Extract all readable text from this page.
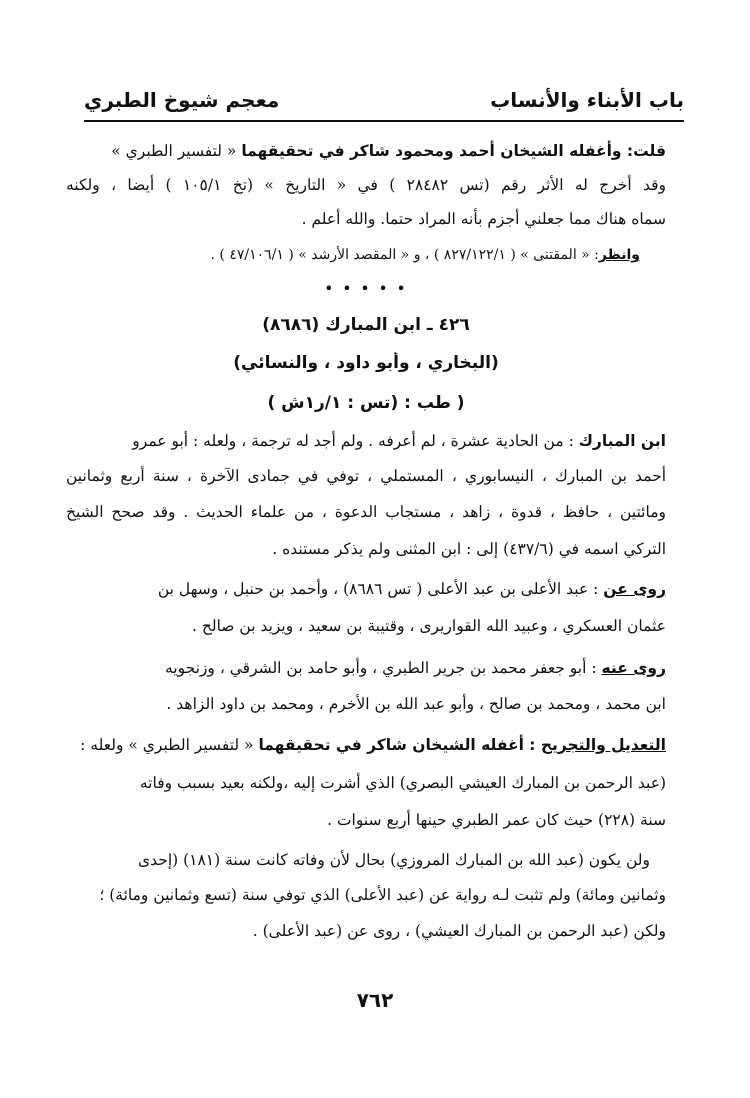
باب الأبناء والأنساب
معجم شيوخ الطبري
قلت: وأغفله الشيخان أحمد ومحمود شاكر في تحقيقهما « لتفسير الطبري »
وقد أخرج له الأثر رقم (تس ٢٨٤٨٢ ) في « التاريخ » (تخ ١٠٥/١ ) أيضا ، ولكنه
سماه هناك مما جعلني أجزم بأنه المراد حتما. والله أعلم .
وانظر: « المقتنى » ( ٨٢٧/١٢٢/١ ) ، و « المقصد الأرشد » ( ٤٧/١٠٦/١ ) .
• • • • •
٤٢٦ ـ ابن المبارك (٨٦٨٦)
(البخاري ، وأبو داود ، والنسائي)
( طب : (تس : ١/ر١ش )
ابن المبارك : من الحادية عشرة ، لم أعرفه . ولم أجد له ترجمة ، ولعله : أبو عمرو
أحمد بن المبارك ، النيسابوري ، المستملي ، توفي في جمادى الآخرة ، سنة أربع وثمانين
ومائتين ، حافظ ، قدوة ، زاهد ، مستجاب الدعوة ، من علماء الحديث . وقد صحح الشيخ
التركي اسمه في (٤٣٧/٦) إلى : ابن المثنى ولم يذكر مستنده .
روى عن : عبد الأعلى بن عبد الأعلى ( تس ٨٦٨٦) ، وأحمد بن حنبل ، وسهل بن
عثمان العسكري ، وعبيد الله القواريرى ، وقتيبة بن سعيد ، ويزيد بن صالح .
روى عنه : أبو جعفر محمد بن جرير الطبري ، وأبو حامد بن الشرقي ، وزنجويه
ابن محمد ، ومحمد بن صالح ، وأبو عبد الله بن الأخرم ، ومحمد بن داود الزاهد .
التعديل والتجريح : أغفله الشيخان شاكر في تحقيقهما « لتفسير الطبري » ولعله :
(عبد الرحمن بن المبارك العيشي البصري) الذي أشرت إليه ،ولكنه بعيد بسبب وفاته
سنة (٢٢٨) حيث كان عمر الطبري حينها أربع سنوات .
ولن يكون (عبد الله بن المبارك المروزي) بحال لأن وفاته كانت سنة (١٨١) (إحدى
وثمانين ومائة) ولم تثبت لـه رواية عن (عبد الأعلى) الذي توفي سنة (تسع وثمانين ومائة) ؛
ولكن (عبد الرحمن بن المبارك العيشي) ، روى عن (عبد الأعلى) .
٧٦٢
